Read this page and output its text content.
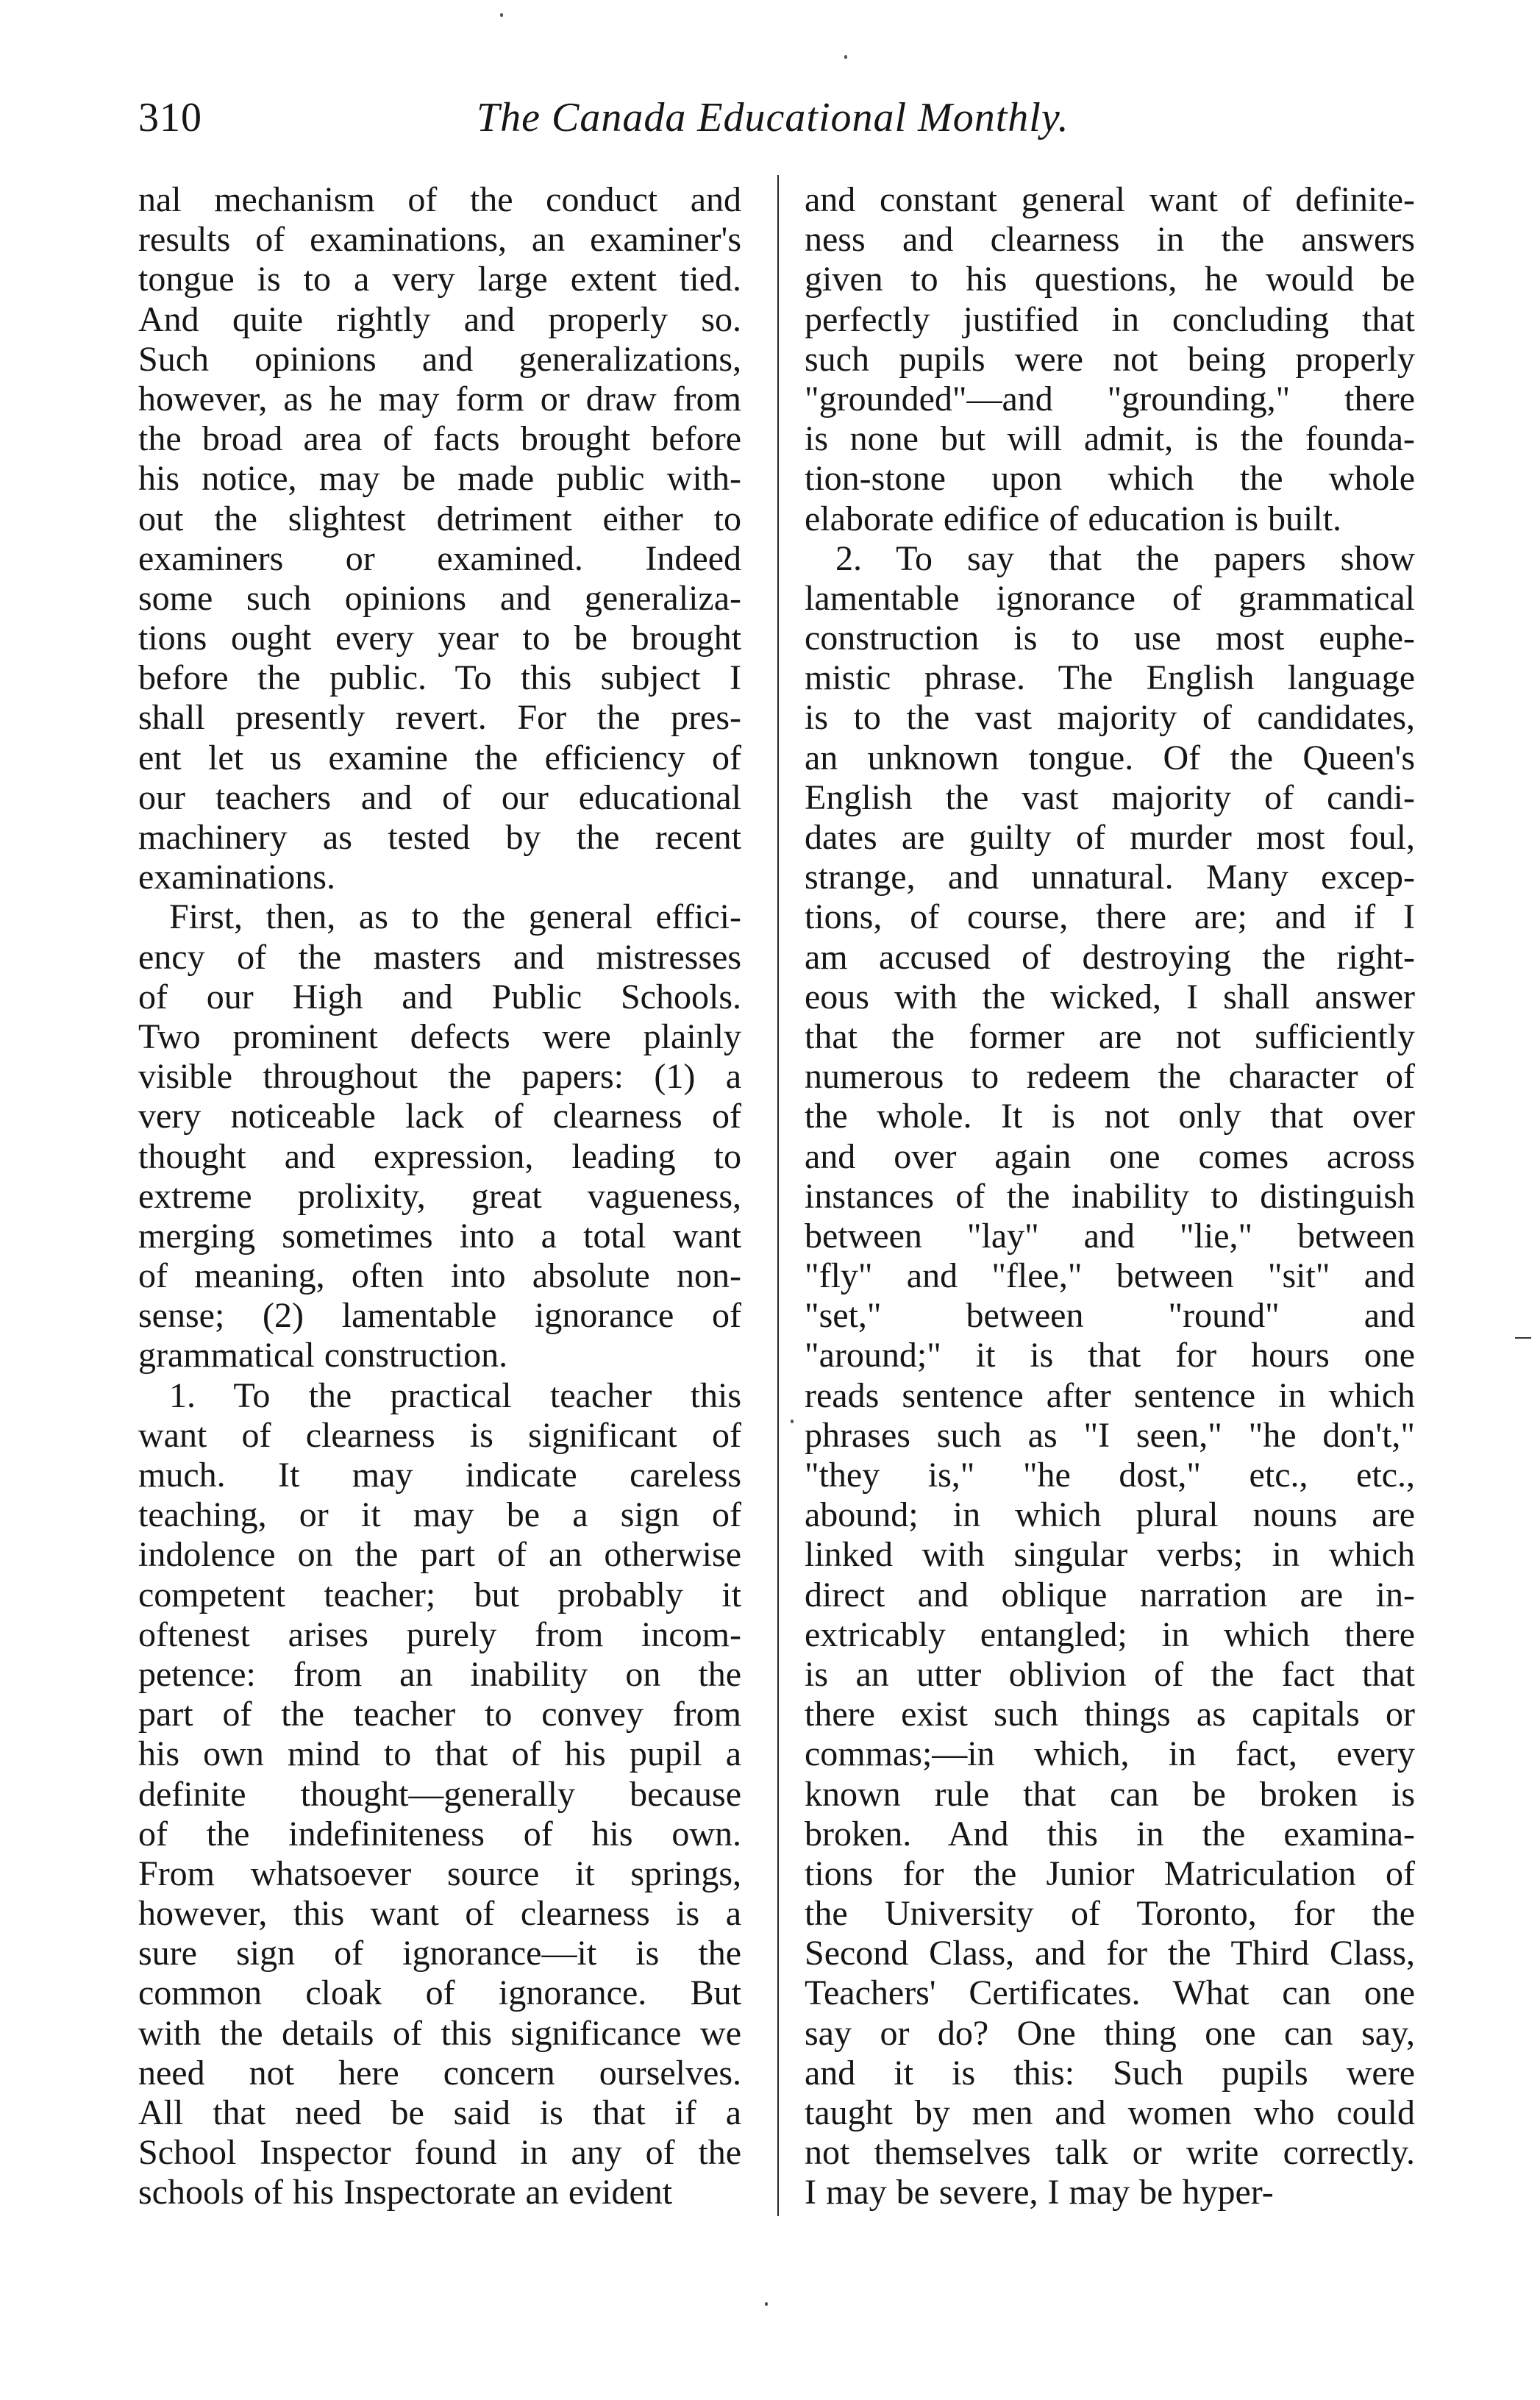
310	The Canada Educational Monthly.
nal mechanism of the conduct and
results of examinations, an examiner's
tongue is to a very large extent tied.
And quite rightly and properly so.
Such opinions and generalizations,
however, as he may form or draw from
the broad area of facts brought before
his notice, may be made public with-
out the slightest detriment either to
examiners or examined. Indeed
some such opinions and generaliza-
tions ought every year to be brought
before the public. To this subject I
shall presently revert. For the pres-
ent let us examine the efficiency of
our teachers and of our educational
machinery as tested by the recent
examinations.
First, then, as to the general effici-
ency of the masters and mistresses
of our High and Public Schools.
Two prominent defects were plainly
visible throughout the papers: (1) a
very noticeable lack of clearness of
thought and expression, leading to
extreme prolixity, great vagueness,
merging sometimes into a total want
of meaning, often into absolute non-
sense; (2) lamentable ignorance of
grammatical construction.
1. To the practical teacher this
want of clearness is significant of
much. It may indicate careless
teaching, or it may be a sign of
indolence on the part of an otherwise
competent teacher; but probably it
oftenest arises purely from incom-
petence: from an inability on the
part of the teacher to convey from
his own mind to that of his pupil a
definite thought—generally because
of the indefiniteness of his own.
From whatsoever source it springs,
however, this want of clearness is a
sure sign of ignorance—it is the
common cloak of ignorance. But
with the details of this significance we
need not here concern ourselves.
All that need be said is that if a
School Inspector found in any of the
schools of his Inspectorate an evident
and constant general want of definite-
ness and clearness in the answers
given to his questions, he would be
perfectly justified in concluding that
such pupils were not being properly
"grounded"—and "grounding," there
is none but will admit, is the founda-
tion-stone upon which the whole
elaborate edifice of education is built.
2. To say that the papers show
lamentable ignorance of grammatical
construction is to use most euphe-
mistic phrase. The English language
is to the vast majority of candidates,
an unknown tongue. Of the Queen's
English the vast majority of candi-
dates are guilty of murder most foul,
strange, and unnatural. Many excep-
tions, of course, there are; and if I
am accused of destroying the right-
eous with the wicked, I shall answer
that the former are not sufficiently
numerous to redeem the character of
the whole. It is not only that over
and over again one comes across
instances of the inability to distinguish
between "lay" and "lie," between
"fly" and "flee," between "sit" and
"set," between "round" and
"around;" it is that for hours one
reads sentence after sentence in which
phrases such as "I seen," "he don't,"
"they is," "he dost," etc., etc.,
abound; in which plural nouns are
linked with singular verbs; in which
direct and oblique narration are in-
extricably entangled; in which there
is an utter oblivion of the fact that
there exist such things as capitals or
commas;—in which, in fact, every
known rule that can be broken is
broken. And this in the examina-
tions for the Junior Matriculation of
the University of Toronto, for the
Second Class, and for the Third Class,
Teachers' Certificates. What can one
say or do? One thing one can say,
and it is this: Such pupils were
taught by men and women who could
not themselves talk or write correctly.
I may be severe, I may be hyper-
